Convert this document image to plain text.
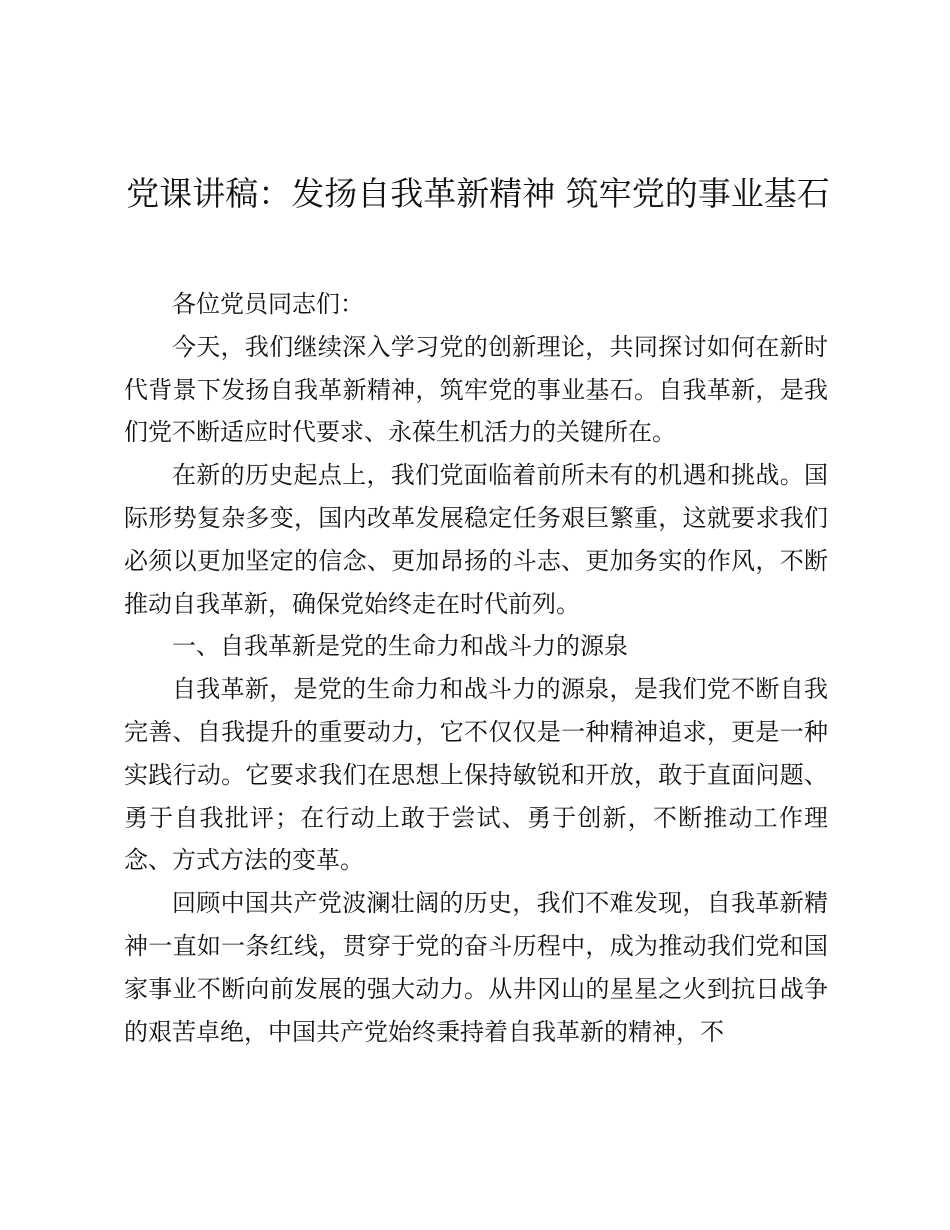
党课讲稿：发扬自我革新精神 筑牢党的事业基石

各位党员同志们：

今天，我们继续深入学习党的创新理论，共同探讨如何在新时代背景下发扬自我革新精神，筑牢党的事业基石。自我革新，是我们党不断适应时代要求、永葆生机活力的关键所在。

在新的历史起点上，我们党面临着前所未有的机遇和挑战。国际形势复杂多变，国内改革发展稳定任务艰巨繁重，这就要求我们必须以更加坚定的信念、更加昂扬的斗志、更加务实的作风，不断推动自我革新，确保党始终走在时代前列。

一、自我革新是党的生命力和战斗力的源泉

自我革新，是党的生命力和战斗力的源泉，是我们党不断自我完善、自我提升的重要动力，它不仅仅是一种精神追求，更是一种实践行动。它要求我们在思想上保持敏锐和开放，敢于直面问题、勇于自我批评；在行动上敢于尝试、勇于创新，不断推动工作理念、方式方法的变革。

回顾中国共产党波澜壮阔的历史，我们不难发现，自我革新精神一直如一条红线，贯穿于党的奋斗历程中，成为推动我们党和国家事业不断向前发展的强大动力。从井冈山的星星之火到抗日战争的艰苦卓绝，中国共产党始终秉持着自我革新的精神，不
